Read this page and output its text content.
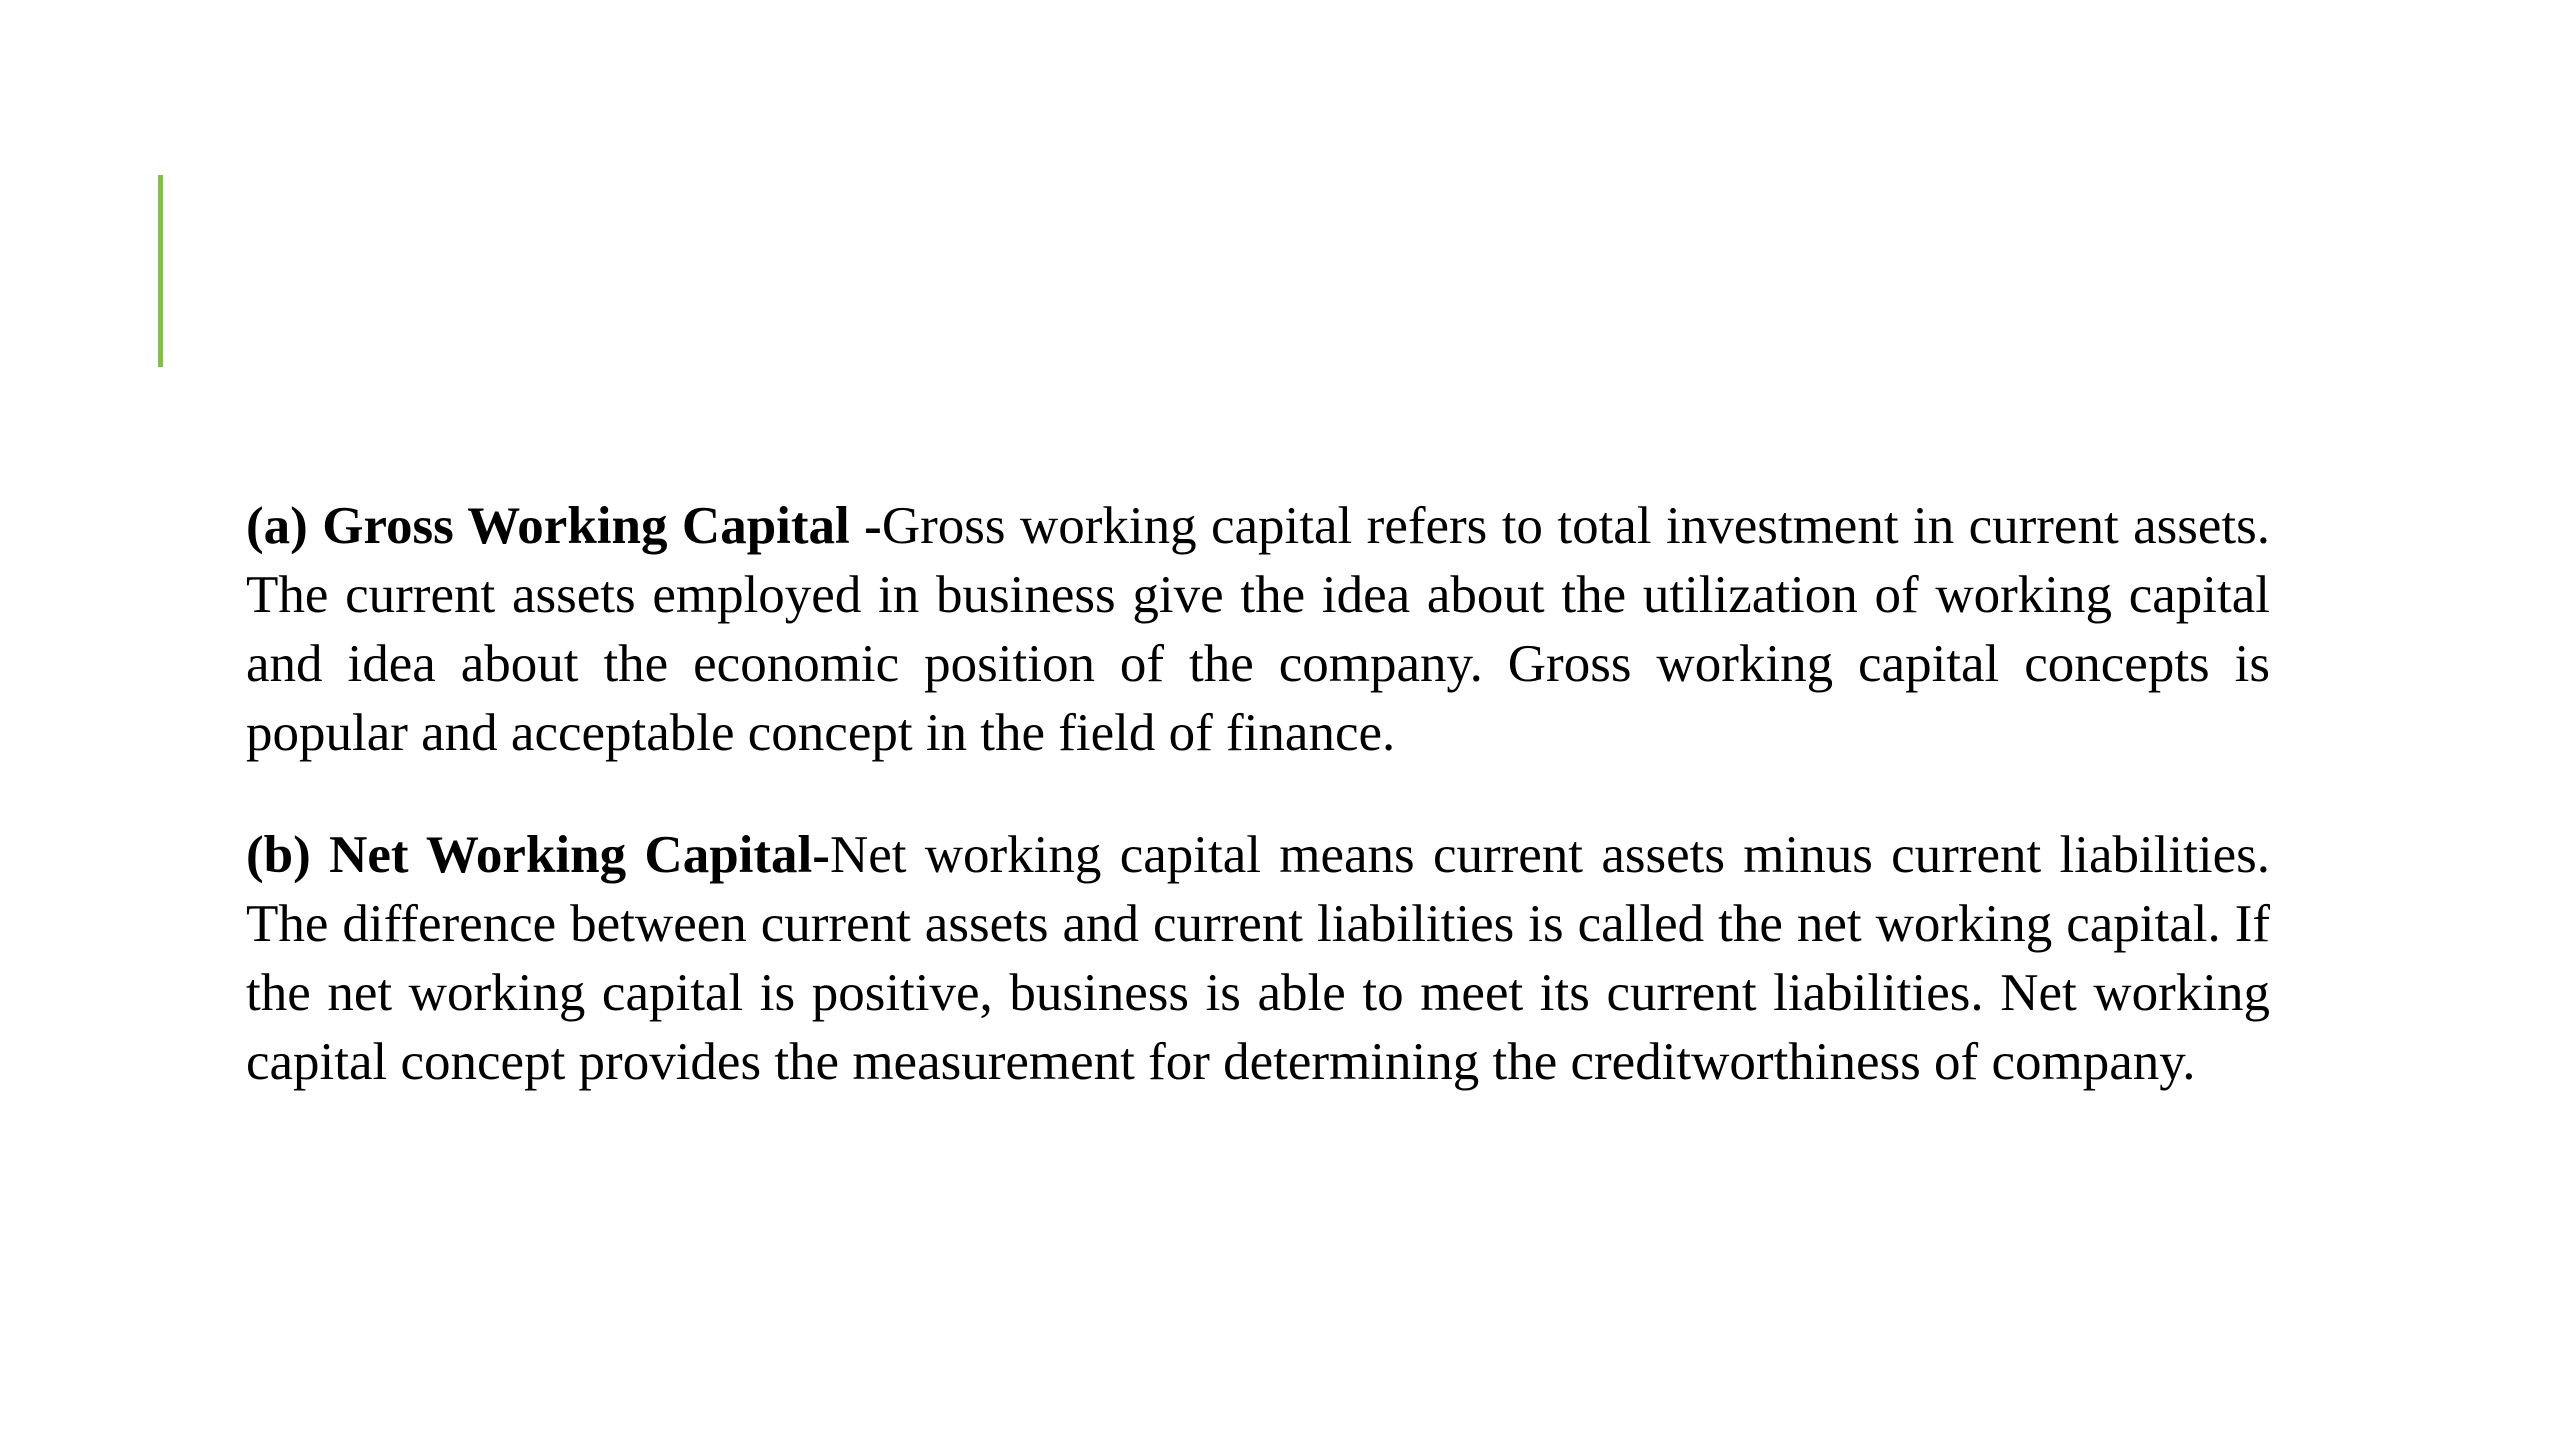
(a) Gross Working Capital -Gross working capital refers to total investment in current assets. The current assets employed in business give the idea about the utilization of working capital and idea about the economic position of the company. Gross working capital concepts is popular and acceptable concept in the field of finance.

(b) Net Working Capital-Net working capital means current assets minus current liabilities. The difference between current assets and current liabilities is called the net working capital. If the net working capital is positive, business is able to meet its current liabilities. Net working capital concept provides the measurement for determining the creditworthiness of company.
